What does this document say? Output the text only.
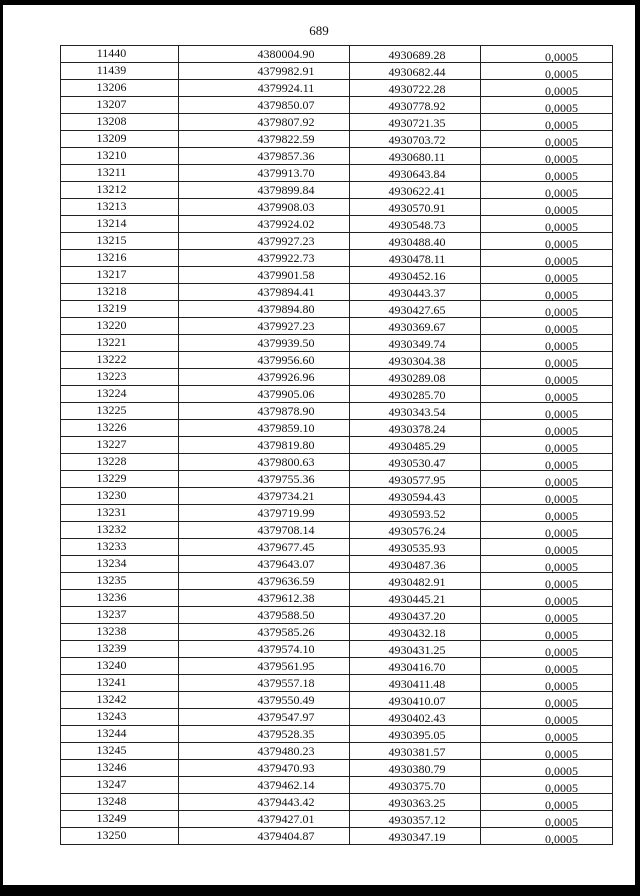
689
11440	4380004.90	4930689.28	0,0005
11439	4379982.91	4930682.44	0,0005
13206	4379924.11	4930722.28	0,0005
13207	4379850.07	4930778.92	0,0005
13208	4379807.92	4930721.35	0,0005
13209	4379822.59	4930703.72	0,0005
13210	4379857.36	4930680.11	0,0005
13211	4379913.70	4930643.84	0,0005
13212	4379899.84	4930622.41	0,0005
13213	4379908.03	4930570.91	0,0005
13214	4379924.02	4930548.73	0,0005
13215	4379927.23	4930488.40	0,0005
13216	4379922.73	4930478.11	0,0005
13217	4379901.58	4930452.16	0,0005
13218	4379894.41	4930443.37	0,0005
13219	4379894.80	4930427.65	0,0005
13220	4379927.23	4930369.67	0,0005
13221	4379939.50	4930349.74	0,0005
13222	4379956.60	4930304.38	0,0005
13223	4379926.96	4930289.08	0,0005
13224	4379905.06	4930285.70	0,0005
13225	4379878.90	4930343.54	0,0005
13226	4379859.10	4930378.24	0,0005
13227	4379819.80	4930485.29	0,0005
13228	4379800.63	4930530.47	0,0005
13229	4379755.36	4930577.95	0,0005
13230	4379734.21	4930594.43	0,0005
13231	4379719.99	4930593.52	0,0005
13232	4379708.14	4930576.24	0,0005
13233	4379677.45	4930535.93	0,0005
13234	4379643.07	4930487.36	0,0005
13235	4379636.59	4930482.91	0,0005
13236	4379612.38	4930445.21	0,0005
13237	4379588.50	4930437.20	0,0005
13238	4379585.26	4930432.18	0,0005
13239	4379574.10	4930431.25	0,0005
13240	4379561.95	4930416.70	0,0005
13241	4379557.18	4930411.48	0,0005
13242	4379550.49	4930410.07	0,0005
13243	4379547.97	4930402.43	0,0005
13244	4379528.35	4930395.05	0,0005
13245	4379480.23	4930381.57	0,0005
13246	4379470.93	4930380.79	0,0005
13247	4379462.14	4930375.70	0,0005
13248	4379443.42	4930363.25	0,0005
13249	4379427.01	4930357.12	0,0005
13250	4379404.87	4930347.19	0,0005
